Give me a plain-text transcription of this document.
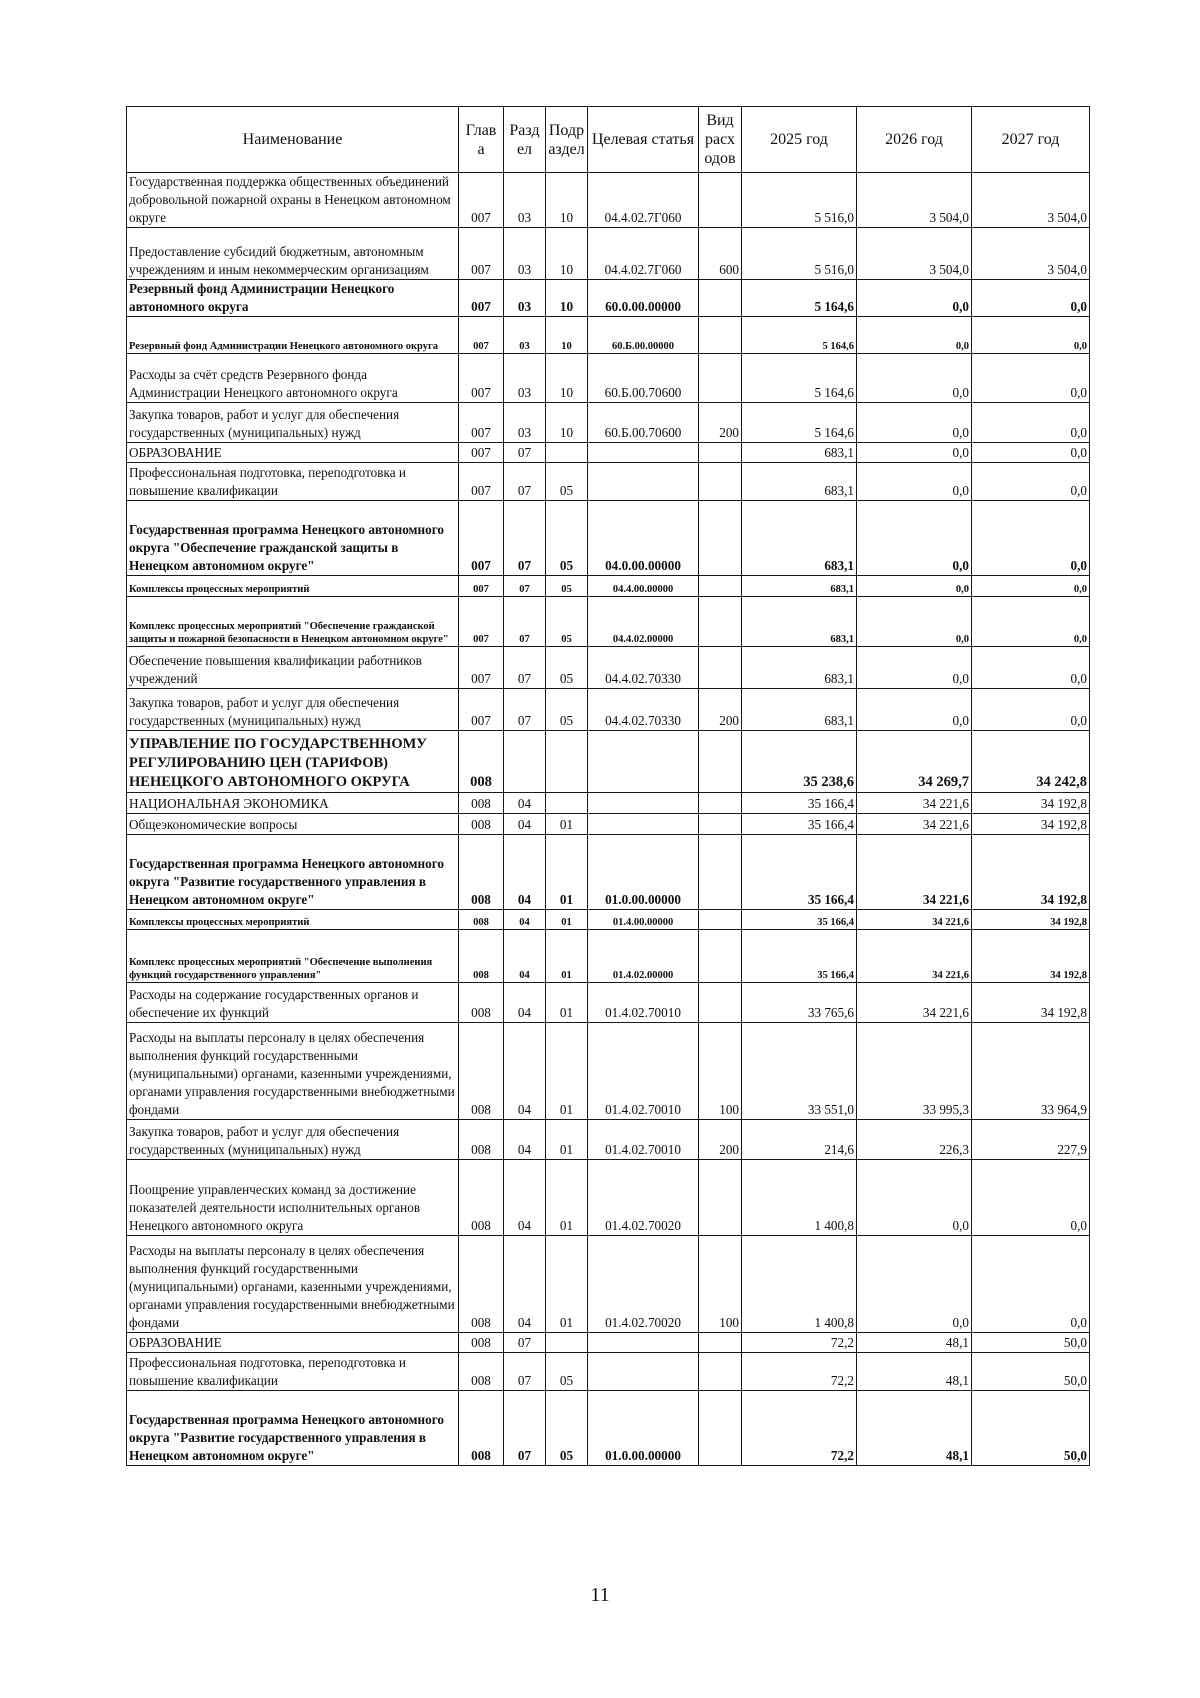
Наименование	Глав а	Разд ел	Подр аздел	Целевая статья	Вид расх одов	2025 год	2026 год	2027 год
Государственная поддержка общественных объединений добровольной пожарной охраны в Ненецком автономном округе	007	03	10	04.4.02.7Г060		5 516,0	3 504,0	3 504,0
Предоставление субсидий бюджетным, автономным учреждениям и иным некоммерческим организациям	007	03	10	04.4.02.7Г060	600	5 516,0	3 504,0	3 504,0
Резервный фонд Администрации Ненецкого автономного округа	007	03	10	60.0.00.00000		5 164,6	0,0	0,0
Резервный фонд Администрации Ненецкого автономного округа	007	03	10	60.Б.00.00000		5 164,6	0,0	0,0
Расходы за счёт средств Резервного фонда Администрации Ненецкого автономного округа	007	03	10	60.Б.00.70600		5 164,6	0,0	0,0
Закупка товаров, работ и услуг для обеспечения государственных (муниципальных) нужд	007	03	10	60.Б.00.70600	200	5 164,6	0,0	0,0
ОБРАЗОВАНИЕ	007	07				683,1	0,0	0,0
Профессиональная подготовка, переподготовка и повышение квалификации	007	07	05			683,1	0,0	0,0
Государственная программа Ненецкого автономного округа "Обеспечение гражданской защиты в Ненецком автономном округе"	007	07	05	04.0.00.00000		683,1	0,0	0,0
Комплексы процессных мероприятий	007	07	05	04.4.00.00000		683,1	0,0	0,0
Комплекс процессных мероприятий "Обеспечение гражданской защиты и пожарной безопасности в Ненецком автономном округе"	007	07	05	04.4.02.00000		683,1	0,0	0,0
Обеспечение повышения квалификации работников учреждений	007	07	05	04.4.02.70330		683,1	0,0	0,0
Закупка товаров, работ и услуг для обеспечения государственных (муниципальных) нужд	007	07	05	04.4.02.70330	200	683,1	0,0	0,0
УПРАВЛЕНИЕ ПО ГОСУДАРСТВЕННОМУ РЕГУЛИРОВАНИЮ ЦЕН (ТАРИФОВ) НЕНЕЦКОГО АВТОНОМНОГО ОКРУГА	008					35 238,6	34 269,7	34 242,8
НАЦИОНАЛЬНАЯ ЭКОНОМИКА	008	04				35 166,4	34 221,6	34 192,8
Общеэкономические вопросы	008	04	01			35 166,4	34 221,6	34 192,8
Государственная программа Ненецкого автономного округа "Развитие государственного управления в Ненецком автономном округе"	008	04	01	01.0.00.00000		35 166,4	34 221,6	34 192,8
Комплексы процессных мероприятий	008	04	01	01.4.00.00000		35 166,4	34 221,6	34 192,8
Комплекс процессных мероприятий "Обеспечение выполнения функций государственного управления"	008	04	01	01.4.02.00000		35 166,4	34 221,6	34 192,8
Расходы на содержание государственных органов и обеспечение их функций	008	04	01	01.4.02.70010		33 765,6	34 221,6	34 192,8
Расходы на выплаты персоналу в целях обеспечения выполнения функций государственными (муниципальными) органами, казенными учреждениями, органами управления государственными внебюджетными фондами	008	04	01	01.4.02.70010	100	33 551,0	33 995,3	33 964,9
Закупка товаров, работ и услуг для обеспечения государственных (муниципальных) нужд	008	04	01	01.4.02.70010	200	214,6	226,3	227,9
Поощрение управленческих команд за достижение показателей деятельности исполнительных органов Ненецкого автономного округа	008	04	01	01.4.02.70020		1 400,8	0,0	0,0
Расходы на выплаты персоналу в целях обеспечения выполнения функций государственными (муниципальными) органами, казенными учреждениями, органами управления государственными внебюджетными фондами	008	04	01	01.4.02.70020	100	1 400,8	0,0	0,0
ОБРАЗОВАНИЕ	008	07				72,2	48,1	50,0
Профессиональная подготовка, переподготовка и повышение квалификации	008	07	05			72,2	48,1	50,0
Государственная программа Ненецкого автономного округа "Развитие государственного управления в Ненецком автономном округе"	008	07	05	01.0.00.00000		72,2	48,1	50,0
11
